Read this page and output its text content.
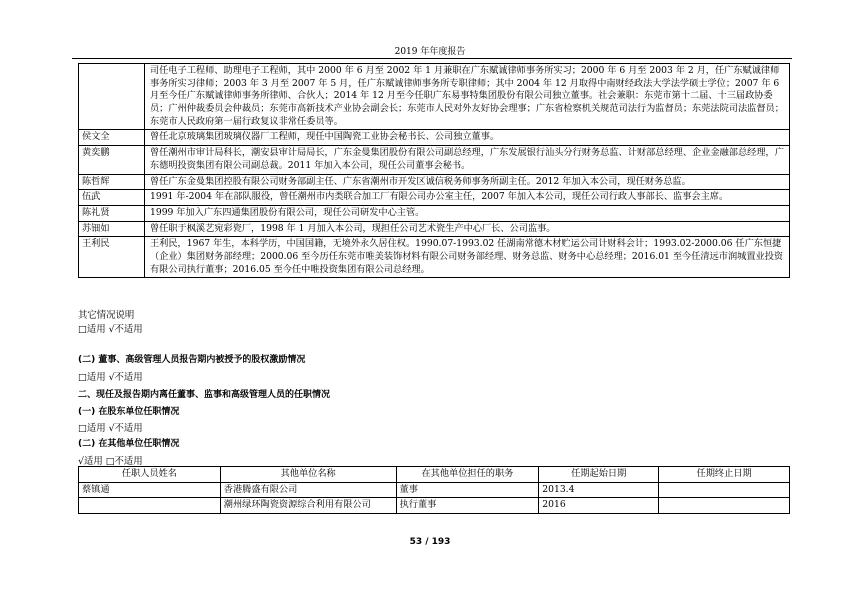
2019 年年度报告
	司任电子工程师、助理电子工程师，其中 2000 年 6 月至 2002 年 1 月兼职在广东赋诚律师事务所实习；2000 年 6 月至 2003 年 2 月，任广东赋诚律师事务所实习律师；2003 年 3 月至 2007 年 5 月，任广东赋诚律师事务所专职律师；其中 2004 年 12 月取得中南财经政法大学法学硕士学位；2007 年 6 月至今任广东赋诚律师事务所律师、合伙人；2014 年 12 月至今任职广东易事特集团股份有限公司独立董事。社会兼职：东莞市第十二届、十三届政协委员；广州仲裁委员会仲裁员；东莞市高新技术产业协会副会长；东莞市人民对外友好协会理事；广东省检察机关规范司法行为监督员；东莞法院司法监督员；东莞市人民政府第一届行政复议非常任委员等。
侯文全	曾任北京玻璃集团玻璃仪器厂工程师，现任中国陶瓷工业协会秘书长、公司独立董事。
黄奕鹏	曾任潮州市审计局科长，潮安县审计局局长，广东金曼集团股份有限公司副总经理，广东发展银行汕头分行财务总监、计财部总经理、企业金融部总经理，广东德明投资集团有限公司副总裁。2011 年加入本公司，现任公司董事会秘书。
陈哲辉	曾任广东金曼集团控股有限公司财务部副主任、广东省潮州市开发区诚信税务师事务所副主任。2012 年加入本公司，现任财务总监。
伍武	1991 年-2004 年在部队服役，曾任潮州市内类联合加工厂有限公司办公室主任，2007 年加入本公司，现任公司行政人事部长、监事会主席。
陈礼贤	1999 年加入广东四通集团股份有限公司，现任公司研发中心主管。
苏钿如	曾任职于枫溪艺宛彩瓷厂，1998 年 1 月加入本公司，现担任公司艺术瓷生产中心厂长、公司监事。
王利民	王利民，1967 年生，本科学历，中国国籍，无境外永久居住权。1990.07-1993.02 任湖南常德木材贮运公司计财科会计；1993.02-2000.06 任广东恒捷（企业）集团财务部经理；2000.06 至今历任东莞市唯美装饰材料有限公司财务部经理、财务总监、财务中心总经理；2016.01 至今任清远市润城置业投资有限公司执行董事；2016.05 至今任中唯投资集团有限公司总经理。
其它情况说明
□适用 √不适用
(二) 董事、高级管理人员报告期内被授予的股权激励情况
□适用 √不适用
二、现任及报告期内离任董事、监事和高级管理人员的任职情况
(一) 在股东单位任职情况
□适用 √不适用
(二) 在其他单位任职情况
√适用 □不适用
任职人员姓名	其他单位名称	在其他单位担任的职务	任期起始日期	任期终止日期
蔡镇通	香港腾盛有限公司	董事	2013.4	
	潮州绿环陶瓷资源综合利用有限公司	执行董事	2016	
53 / 193
